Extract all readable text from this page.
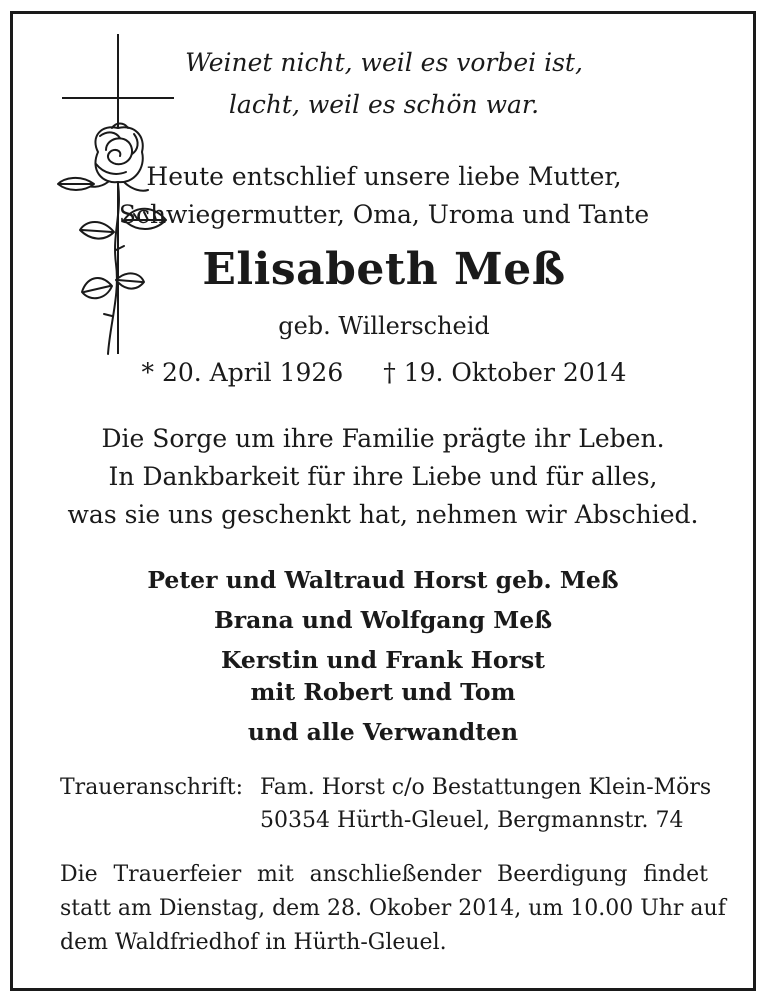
Weinet nicht, weil es vorbei ist,
lacht, weil es schön war.
Heute entschlief unsere liebe Mutter,
Schwiegermutter, Oma, Uroma und Tante
Elisabeth Meß
geb. Willerscheid
* 20. April 1926 † 19. Oktober 2014
Die Sorge um ihre Familie prägte ihr Leben.
In Dankbarkeit für ihre Liebe und für alles,
was sie uns geschenkt hat, nehmen wir Abschied.
Peter und Waltraud Horst geb. Meß
Brana und Wolfgang Meß
Kerstin und Frank Horst
mit Robert und Tom
und alle Verwandten
Traueranschrift: Fam. Horst c/o Bestattungen Klein-Mörs
50354 Hürth-Gleuel, Bergmannstr. 74
Die Trauerfeier mit anschließender Beerdigung findet
statt am Dienstag, dem 28. Okober 2014, um 10.00 Uhr auf
dem Waldfriedhof in Hürth-Gleuel.
